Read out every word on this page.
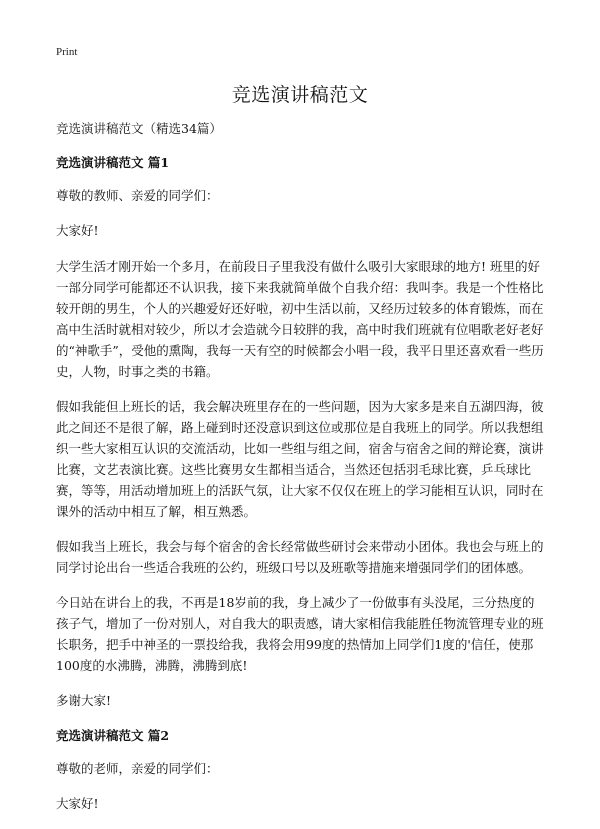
Print
竞选演讲稿范文

竞选演讲稿范文（精选34篇）

竞选演讲稿范文 篇1

尊敬的教师、亲爱的同学们：

大家好!

大学生活才刚开始一个多月，在前段日子里我没有做什么吸引大家眼球的地方! 班里的好一部分同学可能都还不认识我，接下来我就简单做个自我介绍：我叫李。我是一个性格比较开朗的男生，个人的兴趣爱好还好啦，初中生活以前，又经历过较多的体育锻炼，而在高中生活时就相对较少，所以才会造就今日较胖的我，高中时我们班就有位唱歌老好老好的“神歌手”，受他的熏陶，我每一天有空的时候都会小唱一段，我平日里还喜欢看一些历史，人物，时事之类的书籍。

假如我能但上班长的话，我会解决班里存在的一些问题，因为大家多是来自五湖四海，彼此之间还不是很了解，路上碰到时还没意识到这位或那位是自我班上的同学。所以我想组织一些大家相互认识的交流活动，比如一些组与组之间，宿舍与宿舍之间的辩论赛，演讲比赛，文艺表演比赛。这些比赛男女生都相当适合，当然还包括羽毛球比赛，乒乓球比赛，等等，用活动增加班上的活跃气氛，让大家不仅仅在班上的学习能相互认识，同时在课外的活动中相互了解，相互熟悉。

假如我当上班长，我会与每个宿舍的舍长经常做些研讨会来带动小团体。我也会与班上的同学讨论出台一些适合我班的公约，班级口号以及班歌等措施来增强同学们的团体感。

今日站在讲台上的我，不再是18岁前的我，身上减少了一份做事有头没尾，三分热度的孩子气，增加了一份对别人，对自我大的职责感，请大家相信我能胜任物流管理专业的班长职务，把手中神圣的一票投给我，我将会用99度的热情加上同学们1度的'信任，使那100度的水沸腾，沸腾，沸腾到底!

多谢大家!

竞选演讲稿范文 篇2

尊敬的老师，亲爱的同学们：

大家好!
